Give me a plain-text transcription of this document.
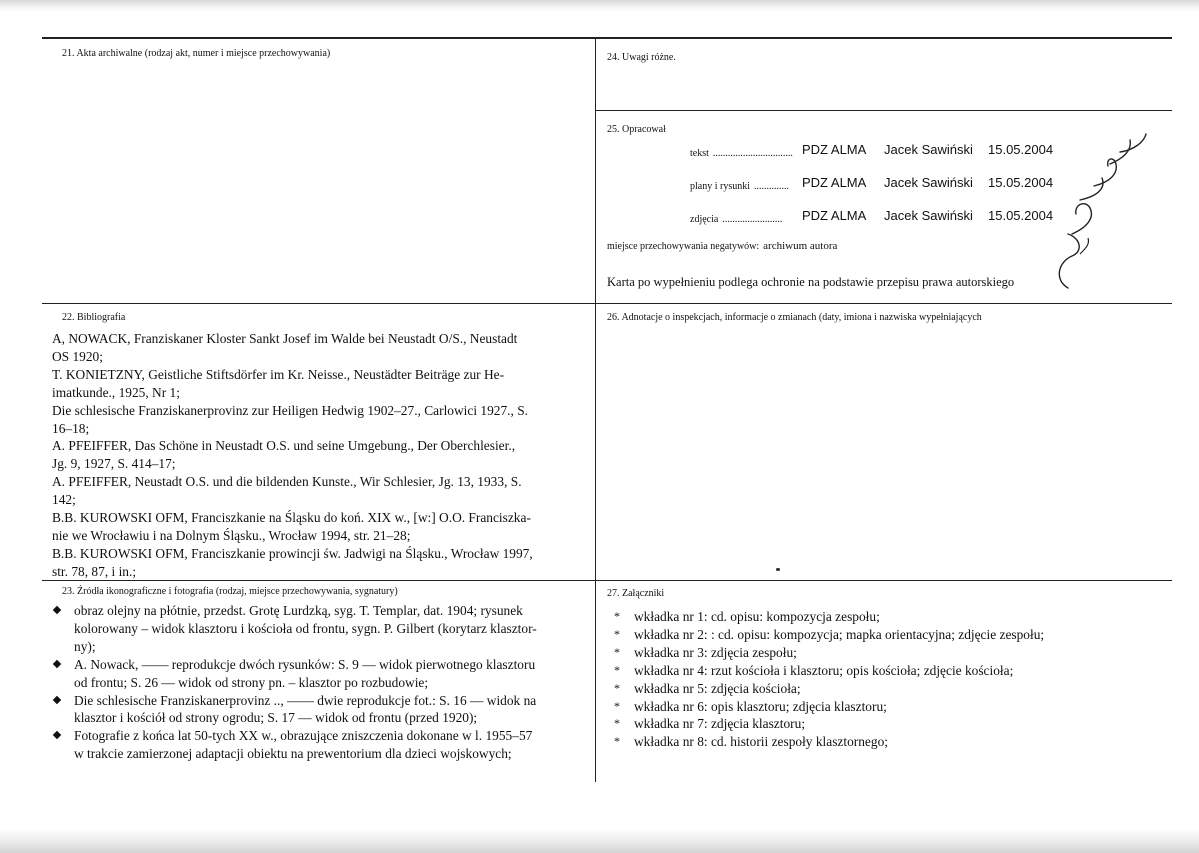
21. Akta archiwalne (rodzaj akt, numer i miejsce przechowywania)
22. Bibliografia
A, NOWACK, Franziskaner Kloster Sankt Josef im Walde bei Neustadt O/S., Neustadt
OS 1920;
T. KONIETZNY, Geistliche Stiftsdörfer im Kr. Neisse., Neustädter Beiträge zur He-
imatkunde., 1925, Nr 1;
Die schlesische Franziskanerprovinz zur Heiligen Hedwig 1902–27., Carlowici 1927., S.
16–18;
A. PFEIFFER, Das Schöne in Neustadt O.S. und seine Umgebung., Der Oberchlesier.,
Jg. 9, 1927, S. 414–17;
A. PFEIFFER, Neustadt O.S. und die bildenden Kunste., Wir Schlesier, Jg. 13, 1933, S.
142;
B.B. KUROWSKI OFM, Franciszkanie na Śląsku do koń. XIX w., [w:] O.O. Franciszka-
nie we Wrocławiu i na Dolnym Śląsku., Wrocław 1994, str. 21–28;
B.B. KUROWSKI OFM, Franciszkanie prowincji św. Jadwigi na Śląsku., Wrocław 1997,
str. 78, 87, i in.;
23. Źródła ikonograficzne i fotografia (rodzaj, miejsce przechowywania, sygnatury)
obraz olejny na płótnie, przedst. Grotę Lurdzką, syg. T. Templar, dat. 1904; rysunek
kolorowany – widok klasztoru i kościoła od frontu, sygn. P. Gilbert (korytarz klasztor-
ny);
A. Nowack, —— reprodukcje dwóch rysunków: S. 9 — widok pierwotnego klasztoru
od frontu; S. 26 — widok od strony pn. – klasztor po rozbudowie;
Die schlesische Franziskanerprovinz .., —— dwie reprodukcje fot.: S. 16 — widok na
klasztor i kościół od strony ogrodu; S. 17 — widok od frontu (przed 1920);
Fotografie z końca lat 50-tych XX w., obrazujące zniszczenia dokonane w l. 1955–57
w trakcie zamierzonej adaptacji obiektu na prewentorium dla dzieci wojskowych;
24. Uwagi różne.
25. Opracował
tekst ................................ PDZ ALMA Jacek Sawiński 15.05.2004
plany i rysunki .............. PDZ ALMA Jacek Sawiński 15.05.2004
zdjęcia ........................ PDZ ALMA Jacek Sawiński 15.05.2004
miejsce przechowywania negatywów: archiwum autora
Karta po wypełnieniu podlega ochronie na podstawie przepisu prawa autorskiego
26. Adnotacje o inspekcjach, informacje o zmianach (daty, imiona i nazwiska wypełniających
27. Załączniki
* wkładka nr 1: cd. opisu: kompozycja zespołu;
* wkładka nr 2: : cd. opisu: kompozycja; mapka orientacyjna; zdjęcie zespołu;
* wkładka nr 3: zdjęcia zespołu;
* wkładka nr 4: rzut kościoła i klasztoru; opis kościoła; zdjęcie kościoła;
* wkładka nr 5: zdjęcia kościoła;
* wkładka nr 6: opis klasztoru; zdjęcia klasztoru;
* wkładka nr 7: zdjęcia klasztoru;
* wkładka nr 8: cd. historii zespoły klasztornego;
